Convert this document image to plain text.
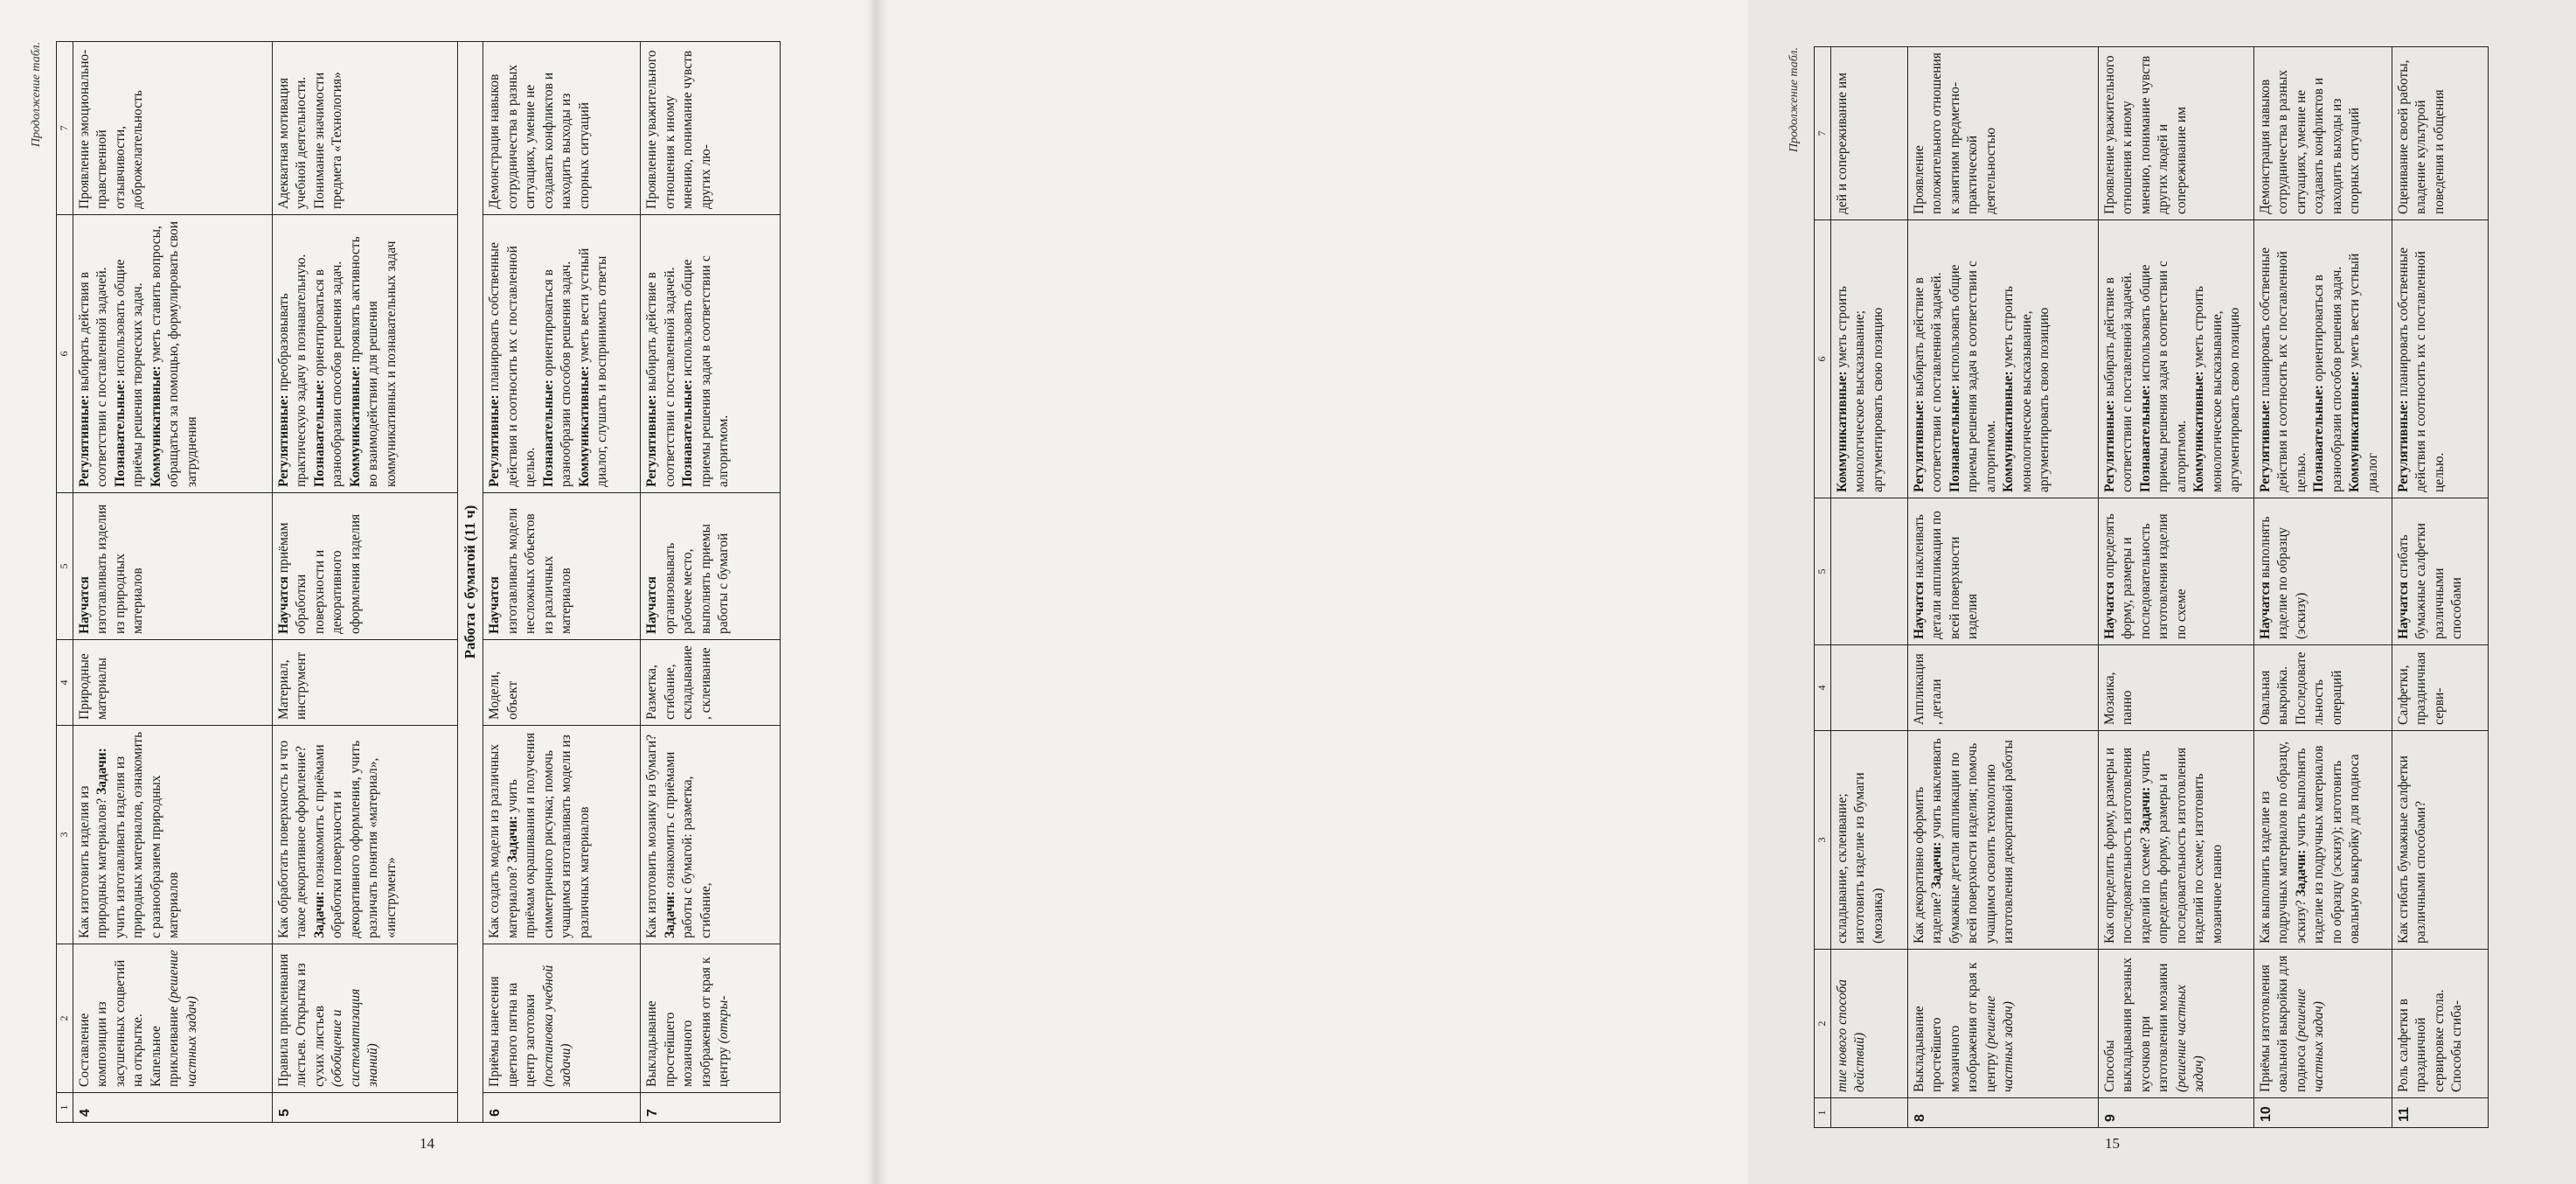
Продолжение табл.
1	2	3	4	5	6	7
4	Составление композиции из засушенных соцветий на открытке. Капельное приклеивание (решение частных задач)	Как изготовить изделия из природных материалов? Задачи: учить изготавливать изделия из природных материалов, ознакомить с разнообразием природных материалов	Природные материалы	Научатся изготавливать изделия из природных материалов	Регулятивные: выбирать действия в соответствии с поставленной задачей. Познавательные: использовать общие приёмы решения творческих задач. Коммуникативные: уметь ставить вопросы, обращаться за помощью, формулировать свои затруднения	Проявление эмоционально-правственной отзывчивости, доброжелательность
5	Правила приклеивания листьев. Открытка из сухих листьев (обобщение и систематизация знаний)	Как обработать поверхность и что такое декоративное оформление? Задачи: познакомить с приёмами обработки поверхности и декоративного оформления, учить различать понятия «материал», «инструмент»	Материал, инструмент	Научатся приёмам обработки поверхности и декоративного оформления изделия	Регулятивные: преобразовывать практическую задачу в познавательную. Познавательные: ориентироваться в разнообразии способов решения задач. Коммуникативные: проявлять активность во взаимодействии для решения коммуникативных и познавательных задач	Адекватная мотивация учебной деятельности. Понимание значимости предмета «Технология»
Работа с бумагой (11 ч)						
6	Приёмы нанесения цветного пятна на центр заготовки (постановка учебной задачи)	Как создать модели из различных материалов? Задачи: учить приёмам окрашивания и получения симметричного рисунка; помочь учащимся изготавливать модели из различных материалов	Модели, объект	Научатся изготавливать модели несложных объектов из различных материалов	Регулятивные: планировать собственные действия и соотносить их с поставленной целью. Познавательные: ориентироваться в разнообразии способов решения задач. Коммуникативные: уметь вести устный диалог, слушать и воспринимать ответы	Демонстрация навыков сотрудничества в разных ситуациях, умение не создавать конфликтов и находить выходы из спорных ситуаций
7	Выкладывание простейшего мозаичного изображения от края к центру (откры-	Как изготовить мозаику из бумаги? Задачи: ознакомить с приёмами работы с бумагой: разметка, сгибание,	Разметка, сгибание, складывание, склеивание	Научатся организовывать рабочее место, выполнять приемы работы с бумагой	Регулятивные: выбирать действие в соответствии с поставленной задачей. Познавательные: использовать общие приемы решения задач в соответствии с алгоритмом.	Проявление уважительного отношения к иному мнению, понимание чувств других лю-
14
Продолжение табл.
1	2	3	4	5	6	7
	тие нового способа действий)	складывание, склеивание; изготовить изделие из бумаги (мозаика)			Коммуникативные: уметь строить монологическое высказывание; аргументировать свою позицию	дей и сопереживание им
8	Выкладывание простейшего мозаичного изображения от края к центру (решение частных задач)	Как декоративно оформить изделие? Задачи: учить наклеивать бумажные детали аппликации по всей поверхности изделия; помочь учащимся освоить технологию изготовления декоративной работы	Аппликация, детали	Научатся наклеивать детали аппликации по всей поверхности изделия	Регулятивные: выбирать действие в соответствии с поставленной задачей. Познавательные: использовать общие приемы решения задач в соответствии с алгоритмом. Коммуникативные: уметь строить монологическое высказывание, аргументировать свою позицию	Проявление положительного отношения к занятиям предметно-практической деятельностью
9	Способы выкладывания резаных кусочков при изготовлении мозаики (решение частных задач)	Как определить форму, размеры и последовательность изготовления изделий по схеме? Задачи: учить определять форму, размеры и последовательность изготовления изделий по схеме; изготовить мозаичное панно	Мозаика, панно	Научатся определять форму, размеры и последовательность изготовления изделия по схеме	Регулятивные: выбирать действие в соответствии с поставленной задачей. Познавательные: использовать общие приемы решения задач в соответствии с алгоритмом. Коммуникативные: уметь строить монологическое высказывание, аргументировать свою позицию	Проявление уважительного отношения к иному мнению, понимание чувств других людей и сопереживание им
10	Приёмы изготовления овальной выкройки для подноса (решение частных задач)	Как выполнить изделие из подручных материалов по образцу, эскизу? Задачи: учить выполнять изделие из подручных материалов по образцу (эскизу); изготовить овальную выкройку для подноса	Овальная выкройка. Последовательность операций	Научатся выполнять изделие по образцу (эскизу)	Регулятивные: планировать собственные действия и соотносить их с поставленной целью. Познавательные: ориентироваться в разнообразии способов решения задач. Коммуникативные: уметь вести устный диалог	Демонстрация навыков сотрудничества в разных ситуациях, умение не создавать конфликтов и находить выходы из спорных ситуаций
11	Роль салфетки в праздничной сервировке стола. Способы сгиба-	Как сгибать бумажные салфетки различными способами?	Салфетки, праздничная серви-	Научатся сгибать бумажные салфетки различными способами	Регулятивные: планировать собственные действия и соотносить их с поставленной целью.	Оценивание своей работы, владение культурой поведения и общения
15
